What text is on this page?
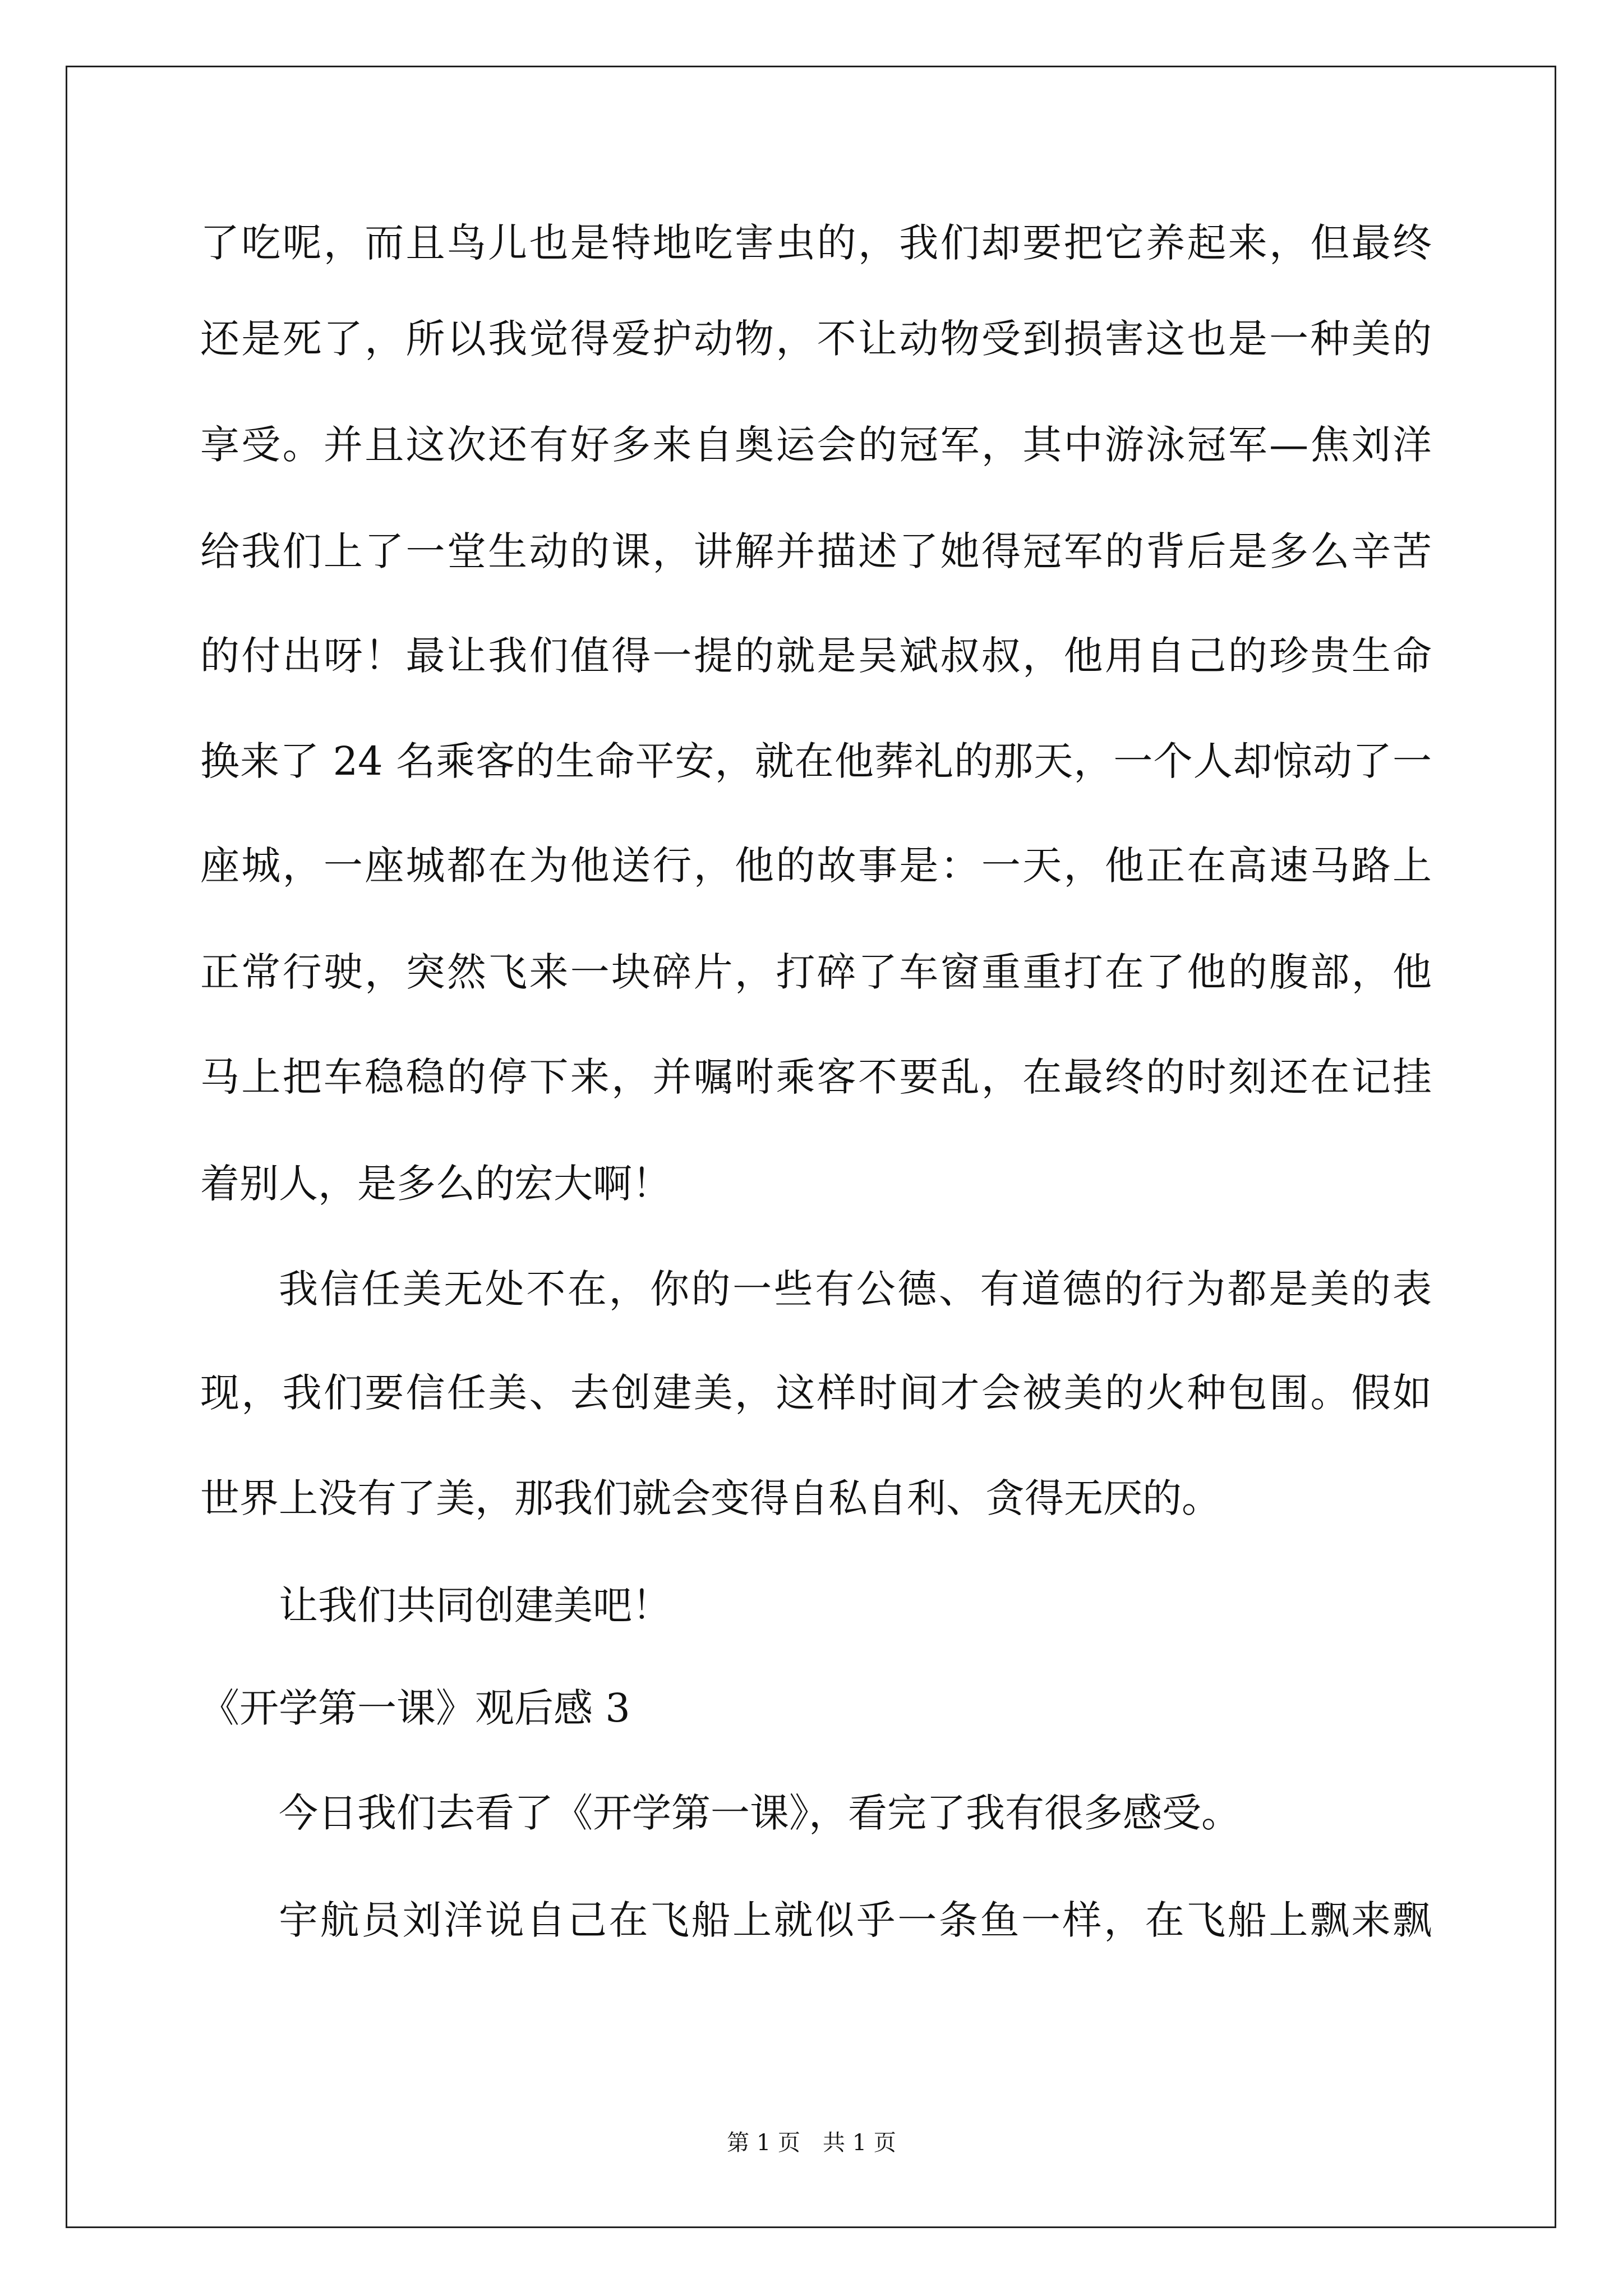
了吃呢，而且鸟儿也是特地吃害虫的，我们却要把它养起来，但最终
还是死了，所以我觉得爱护动物，不让动物受到损害这也是一种美的
享受。并且这次还有好多来自奥运会的冠军，其中游泳冠军—焦刘洋
给我们上了一堂生动的课，讲解并描述了她得冠军的背后是多么辛苦
的付出呀！最让我们值得一提的就是吴斌叔叔，他用自己的珍贵生命
换来了 24 名乘客的生命平安，就在他葬礼的那天，一个人却惊动了一
座城，一座城都在为他送行，他的故事是：一天，他正在高速马路上
正常行驶，突然飞来一块碎片，打碎了车窗重重打在了他的腹部，他
马上把车稳稳的停下来，并嘱咐乘客不要乱，在最终的时刻还在记挂
着别人，是多么的宏大啊！
我信任美无处不在，你的一些有公德、有道德的行为都是美的表
现，我们要信任美、去创建美，这样时间才会被美的火种包围。假如
世界上没有了美，那我们就会变得自私自利、贪得无厌的。
让我们共同创建美吧！
《开学第一课》观后感 3
今日我们去看了《开学第一课》，看完了我有很多感受。
宇航员刘洋说自己在飞船上就似乎一条鱼一样，在飞船上飘来飘
第 1 页　共 1 页
